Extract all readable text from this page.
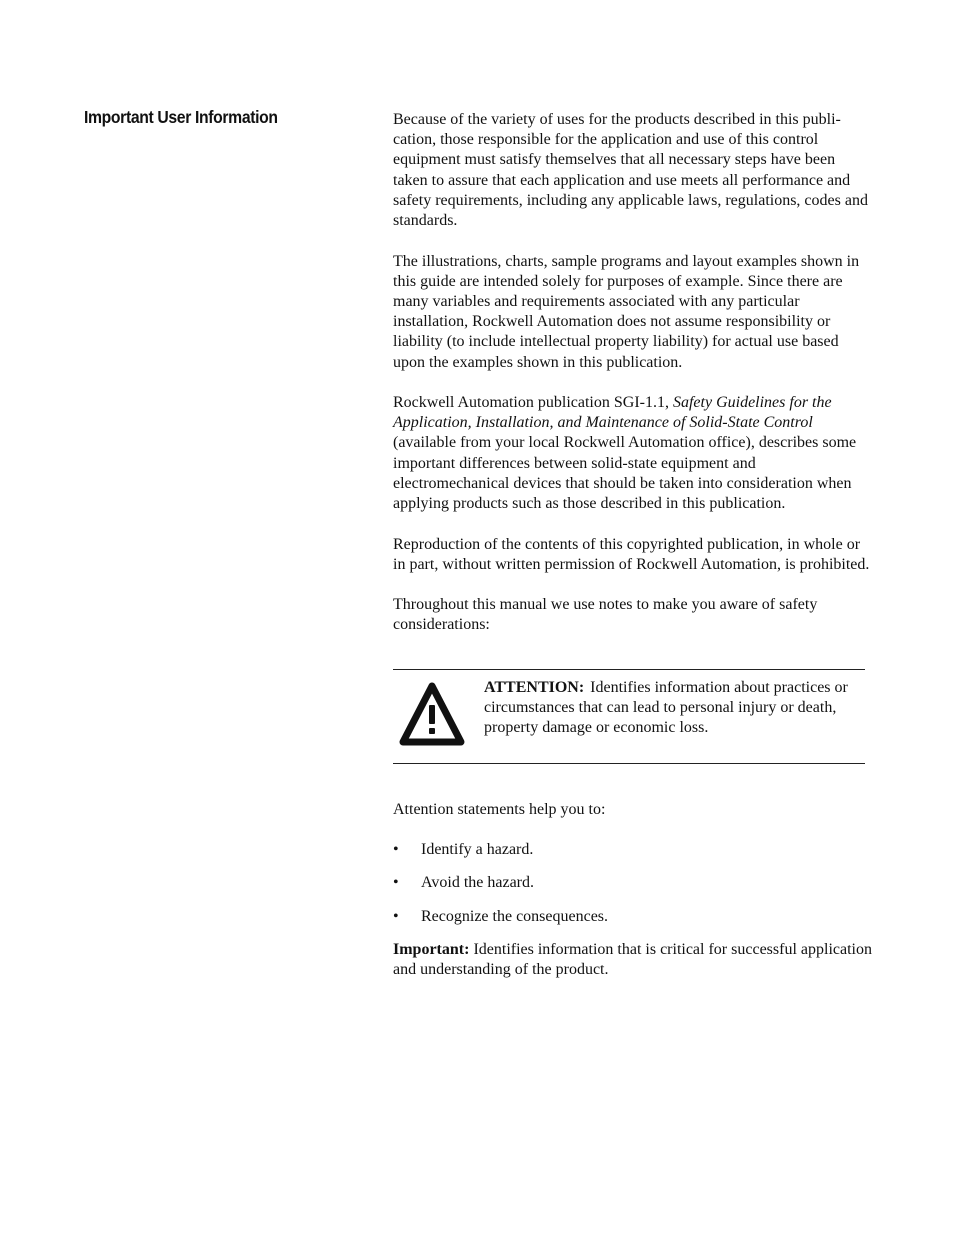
Important User Information	Because of the variety of uses for the products described in this publi-cation, those responsible for the application and use of this control equipment must satisfy themselves that all necessary steps have been taken to assure that each application and use meets all performance and safety requirements, including any applicable laws, regulations, codes and standards.

The illustrations, charts, sample programs and layout examples shown in this guide are intended solely for purposes of example. Since there are many variables and requirements associated with any particular installation, Rockwell Automation does not assume responsibility or liability (to include intellectual property liability) for actual use based upon the examples shown in this publication.

Rockwell Automation publication SGI-1.1, Safety Guidelines for the Application, Installation, and Maintenance of Solid-State Control (available from your local Rockwell Automation office), describes some important differences between solid-state equipment and electromechanical devices that should be taken into consideration when applying products such as those described in this publication.

Reproduction of the contents of this copyrighted publication, in whole or in part, without written permission of Rockwell Automation, is prohibited.

Throughout this manual we use notes to make you aware of safety considerations:

ATTENTION: Identifies information about practices or circumstances that can lead to personal injury or death, property damage or economic loss.

Attention statements help you to:

• Identify a hazard.
• Avoid the hazard.
• Recognize the consequences.

Important: Identifies information that is critical for successful application and understanding of the product.
